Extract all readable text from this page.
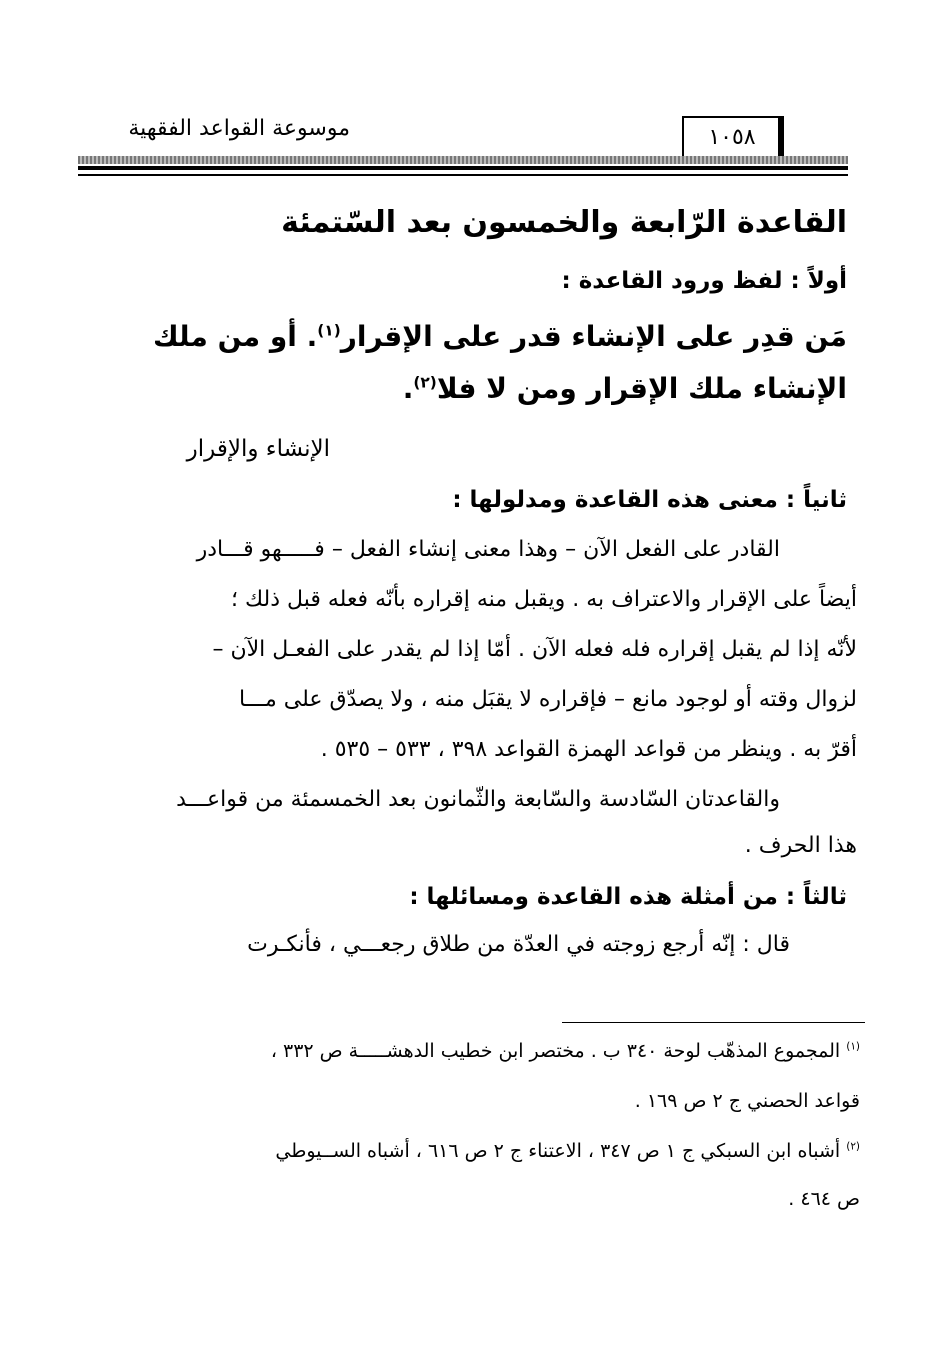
١٠٥٨
موسوعة القواعد الفقهية
القاعدة الرّابعة والخمسون بعد السّتمئة
أولاً : لفظ ورود القاعدة :
مَن قدِر على الإنشاء قدر على الإقرار$^{(١)}$. أو من ملك
الإنشاء ملك الإقرار ومن لا فلا$^{(٢)}$.
الإنشاء والإقرار
ثانياً : معنى هذه القاعدة ومدلولها :
القادر على الفعل الآن – وهذا معنى إنشاء الفعل – فـــــهو قـــادر
أيضاً على الإقرار والاعتراف به . ويقبل منه إقراره بأنّه فعله قبل ذلك ؛
لأنّه إذا لم يقبل إقراره فله فعله الآن . أمّا إذا لم يقدر على الفعـل الآن –
لزوال وقته أو لوجود مانع – فإقراره لا يقبَل منه ، ولا يصدّق على مـــا
أقرّ به . وينظر من قواعد الهمزة القواعد ٣٩٨ ، ٥٣٣ – ٥٣٥ .
والقاعدتان السّادسة والسّابعة والثّمانون بعد الخمسمئة من قواعـــد
هذا الحرف .
ثالثاً : من أمثلة هذه القاعدة ومسائلها :
قال : إنّه أرجع زوجته في العدّة من طلاق رجعـــي ، فأنكـرت
$^{(١)}$ المجموع المذهّب لوحة ٣٤٠ ب . مختصر ابن خطيب الدهشـــــة ص ٣٣٢ ،
قواعد الحصني ج ٢ ص ١٦٩ .
$^{(٢)}$ أشباه ابن السبكي ج ١ ص ٣٤٧ ، الاعتناء ج ٢ ص ٦١٦ ، أشباه الســيوطي
ص ٤٦٤ .
